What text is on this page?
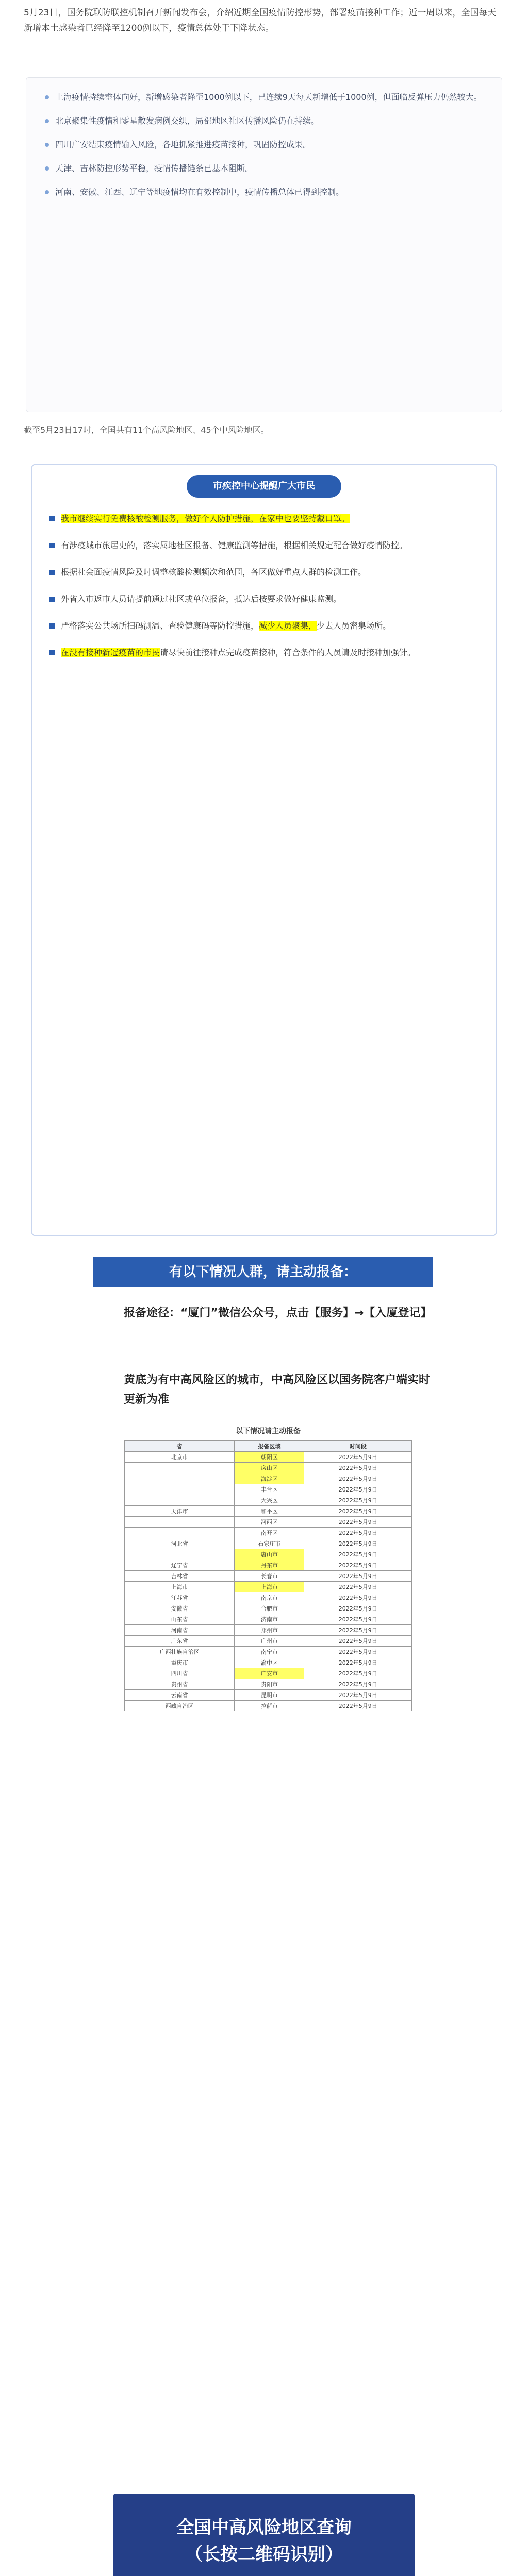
5月23日，国务院联防联控机制召开新闻发布会，介绍近期全国疫情防控形势，部署疫苗接种工作；近一周以来，全国每天新增本土感染者已经降至1200例以下，疫情总体处于下降状态。
上海疫情持续整体向好，新增感染者降至1000例以下，已连续9天每天新增低于1000例，但面临反弹压力仍然较大。
北京聚集性疫情和零星散发病例交织，局部地区社区传播风险仍在持续。
四川广安结束疫情输入风险，各地抓紧推进疫苗接种，巩固防控成果。
天津、吉林防控形势平稳，疫情传播链条已基本阻断。
河南、安徽、江西、辽宁等地疫情均在有效控制中，疫情传播总体已得到控制。
截至5月23日17时，全国共有11个高风险地区、45个中风险地区。
市疾控中心提醒广大市民
我市继续实行免费核酸检测服务，做好个人防护措施，在家中也要坚持戴口罩。
有涉疫城市旅居史的，落实属地社区报备、健康监测等措施，根据相关规定配合做好疫情防控。
根据社会面疫情风险及时调整核酸检测频次和范围，各区做好重点人群的检测工作。
外省入市返市人员请提前通过社区或单位报备，抵达后按要求做好健康监测。
严格落实公共场所扫码测温、查验健康码等防控措施，减少人员聚集，少去人员密集场所。
在没有接种新冠疫苗的市民请尽快前往接种点完成疫苗接种，符合条件的人员请及时接种加强针。
有以下情况人群，请主动报备：
报备途径：“厦门”微信公众号，点击【服务】→【入厦登记】
黄底为有中高风险区的城市，中高风险区以国务院客户端实时更新为准
以下情况请主动报备
省	报备区域	时间段
北京市	朝阳区	2022年5月9日
	房山区	2022年5月9日
	海淀区	2022年5月9日
	丰台区	2022年5月9日
	大兴区	2022年5月9日
天津市	和平区	2022年5月9日
	河西区	2022年5月9日
	南开区	2022年5月9日
河北省	石家庄市	2022年5月9日
	唐山市	2022年5月9日
辽宁省	丹东市	2022年5月9日
吉林省	长春市	2022年5月9日
上海市	上海市	2022年5月9日
江苏省	南京市	2022年5月9日
安徽省	合肥市	2022年5月9日
山东省	济南市	2022年5月9日
河南省	郑州市	2022年5月9日
广东省	广州市	2022年5月9日
广西壮族自治区	南宁市	2022年5月9日
重庆市	渝中区	2022年5月9日
四川省	广安市	2022年5月9日
贵州省	贵阳市	2022年5月9日
云南省	昆明市	2022年5月9日
西藏自治区	拉萨市	2022年5月9日
全国中高风险地区查询
（长按二维码识别）
